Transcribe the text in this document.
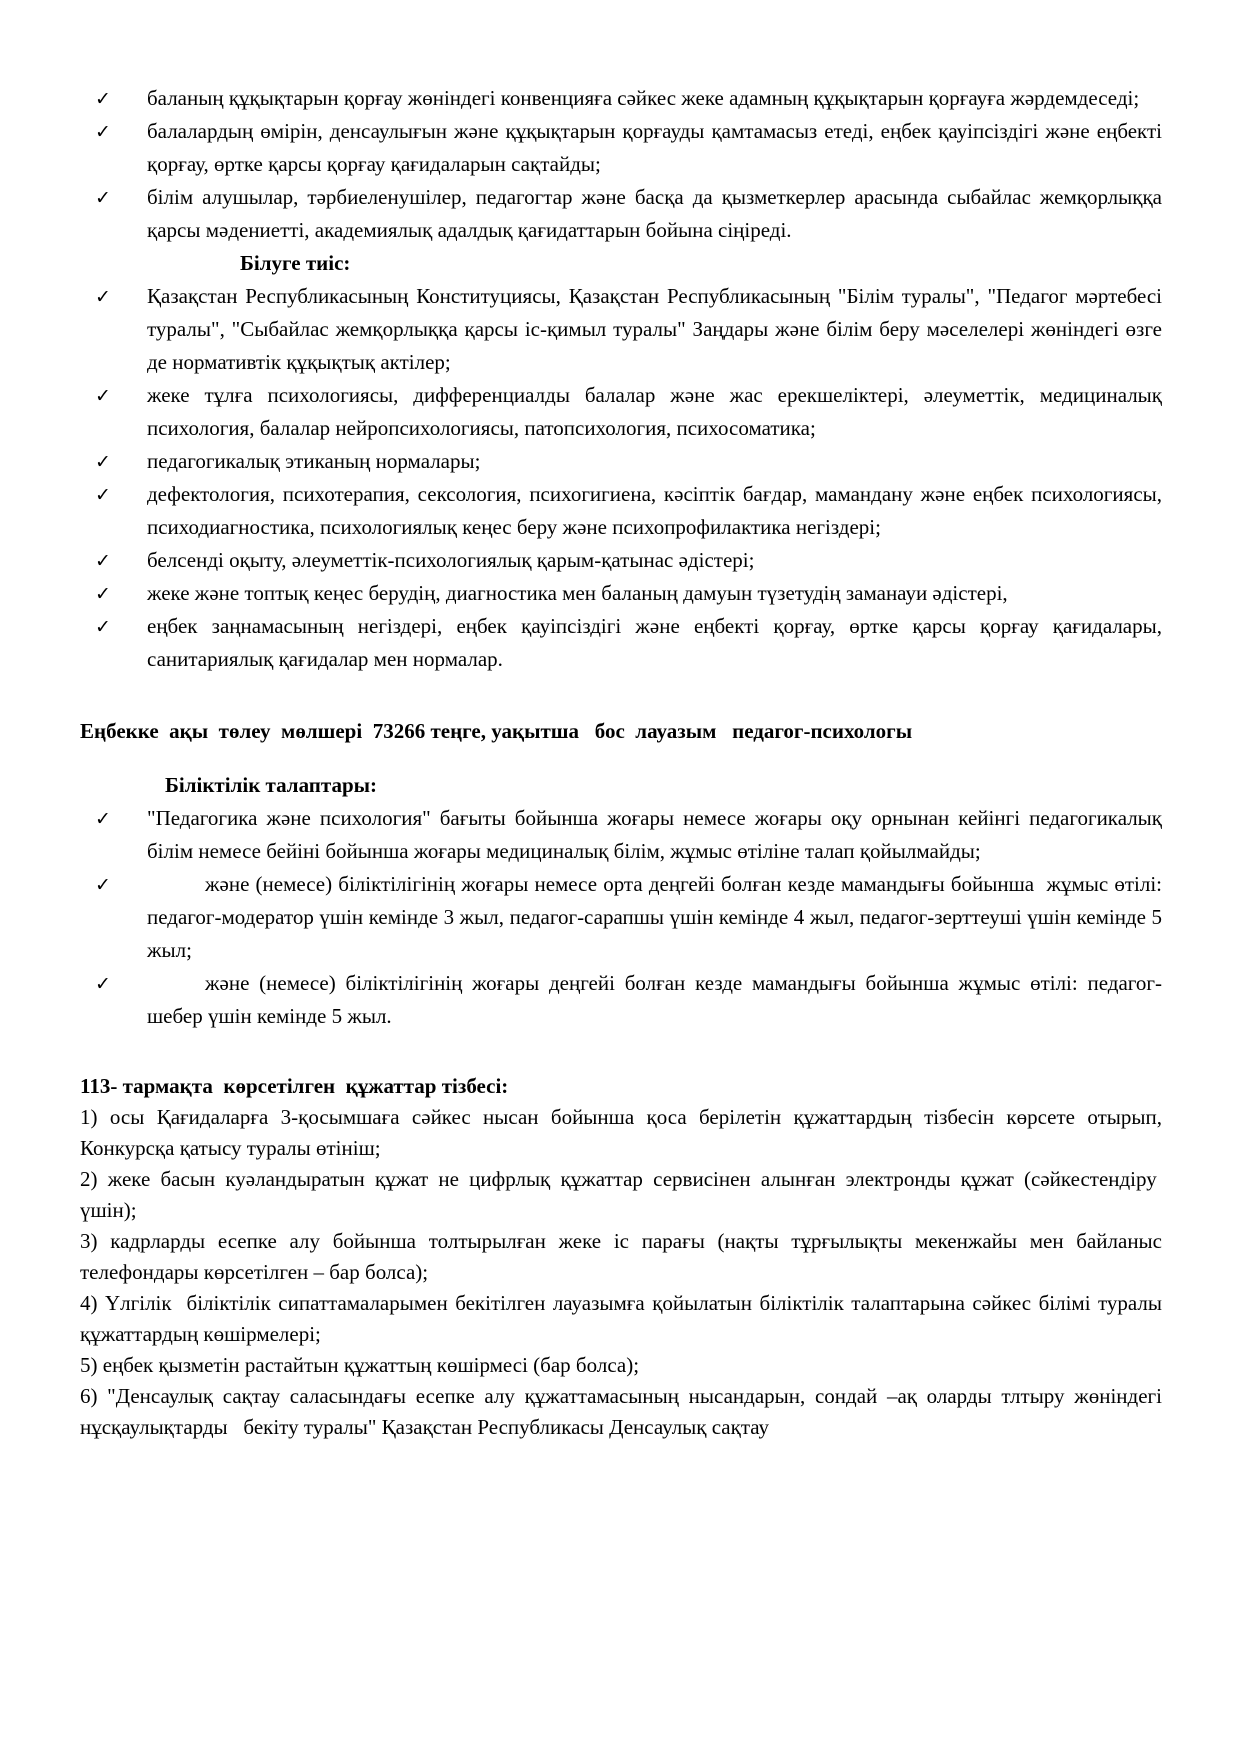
✓ баланың құқықтарын қорғау жөніндегі конвенцияға сәйкес жеке адамның құқықтарын қорғауға жәрдемдеседі;
✓ балалардың өмірін, денсаулығын және құқықтарын қорғауды қамтамасыз етеді, еңбек қауіпсіздігі және еңбекті қорғау, өртке қарсы қорғау қағидаларын сақтайды;
✓ білім алушылар, тәрбиеленушілер, педагогтар және басқа да қызметкерлер арасында сыбайлас жемқорлыққа қарсы мәдениетті, академиялық адалдық қағидаттарын бойына сіңіреді.

Білуге тиіс:

✓ Қазақстан Республикасының Конституциясы, Қазақстан Республикасының "Білім туралы", "Педагог мәртебесі туралы", "Сыбайлас жемқорлыққа қарсы іс-қимыл туралы" Заңдары және білім беру мәселелері жөніндегі өзге де нормативтік құқықтық актілер;
✓ жеке тұлға психологиясы, дифференциалды балалар және жас ерекшеліктері, әлеуметтік, медициналық психология, балалар нейропсихологиясы, патопсихология, психосоматика;
✓ педагогикалық этиканың нормалары;
✓ дефектология, психотерапия, сексология, психогигиена, кәсіптік бағдар, мамандану және еңбек психологиясы, психодиагностика, психологиялық кеңес беру және психопрофилактика негіздері;
✓ белсенді оқыту, әлеуметтік-психологиялық қарым-қатынас әдістері;
✓ жеке және топтық кеңес берудің, диагностика мен баланың дамуын түзетудің заманауи әдістері,
✓ еңбек заңнамасының негіздері, еңбек қауіпсіздігі және еңбекті қорғау, өртке қарсы қорғау қағидалары, санитариялық қағидалар мен нормалар.

Еңбекке  ақы  төлеу  мөлшері  73266 теңге, уақытша   бос  лауазым   педагог-психологы

Біліктілік талаптары:

✓ "Педагогика және психология" бағыты бойынша жоғары немесе жоғары оқу орнынан кейінгі педагогикалық білім немесе бейіні бойынша жоғары медициналық білім, жұмыс өтіліне талап қойылмайды;
✓	және (немесе) біліктілігінің жоғары немесе орта деңгейі болған кезде мамандығы бойынша  жұмыс өтілі: педагог-модератор үшін кемінде 3 жыл, педагог-сарапшы үшін кемінде 4 жыл, педагог-зерттеуші үшін кемінде 5 жыл;
✓	және (немесе) біліктілігінің жоғары деңгейі болған кезде мамандығы бойынша жұмыс өтілі: педагог-шебер үшін кемінде 5 жыл.

113- тармақта  көрсетілген  құжаттар тізбесі:

1) осы Қағидаларға 3-қосымшаға сәйкес нысан бойынша қоса берілетін құжаттардың тізбесін көрсете отырып, Конкурсқа қатысу туралы өтініш;

2) жеке басын куәландыратын құжат не цифрлық құжаттар сервисінен алынған электронды құжат (сәйкестендіру  үшін);

3) кадрларды есепке алу бойынша толтырылған жеке іс парағы (нақты тұрғылықты мекенжайы мен байланыс телефондары көрсетілген – бар болса);

4) Үлгілік  біліктілік сипаттамаларымен бекітілген лауазымға қойылатын біліктілік талаптарына сәйкес білімі туралы құжаттардың көшірмелері;

5) еңбек қызметін растайтын құжаттың көшірмесі (бар болса);

6) "Денсаулық сақтау саласындағы есепке алу құжаттамасының нысандарын, сондай –ақ оларды тлтыру жөніндегі нұсқаулықтарды   бекіту туралы" Қазақстан Республикасы Денсаулық сақтау
